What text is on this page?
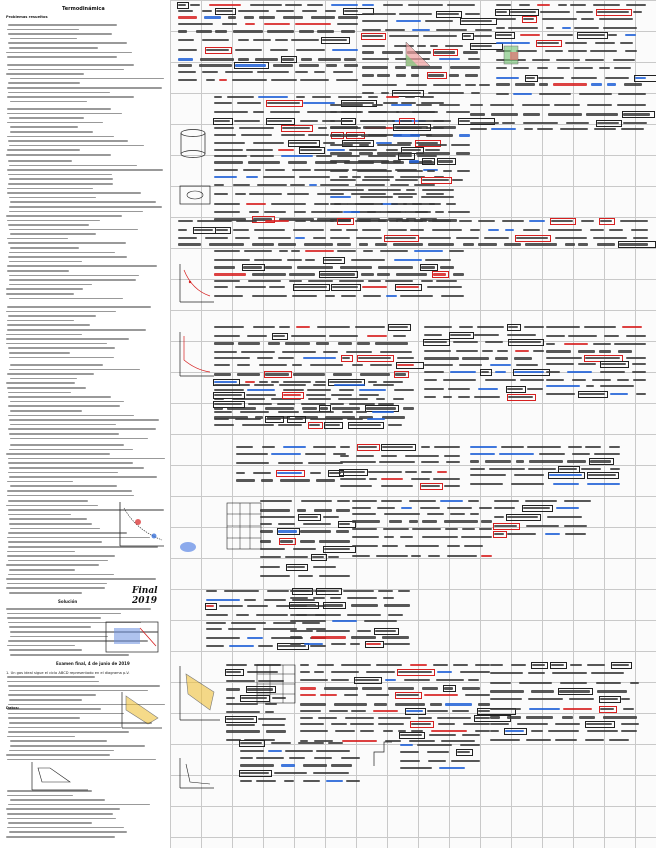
Termodinámica
Problemas resueltos
Examen final, 4 de junio de 2019
1. Un gas ideal sigue el ciclo ABCD representado en el diagrama p-V.
Final 2019
Datos:
Solución
